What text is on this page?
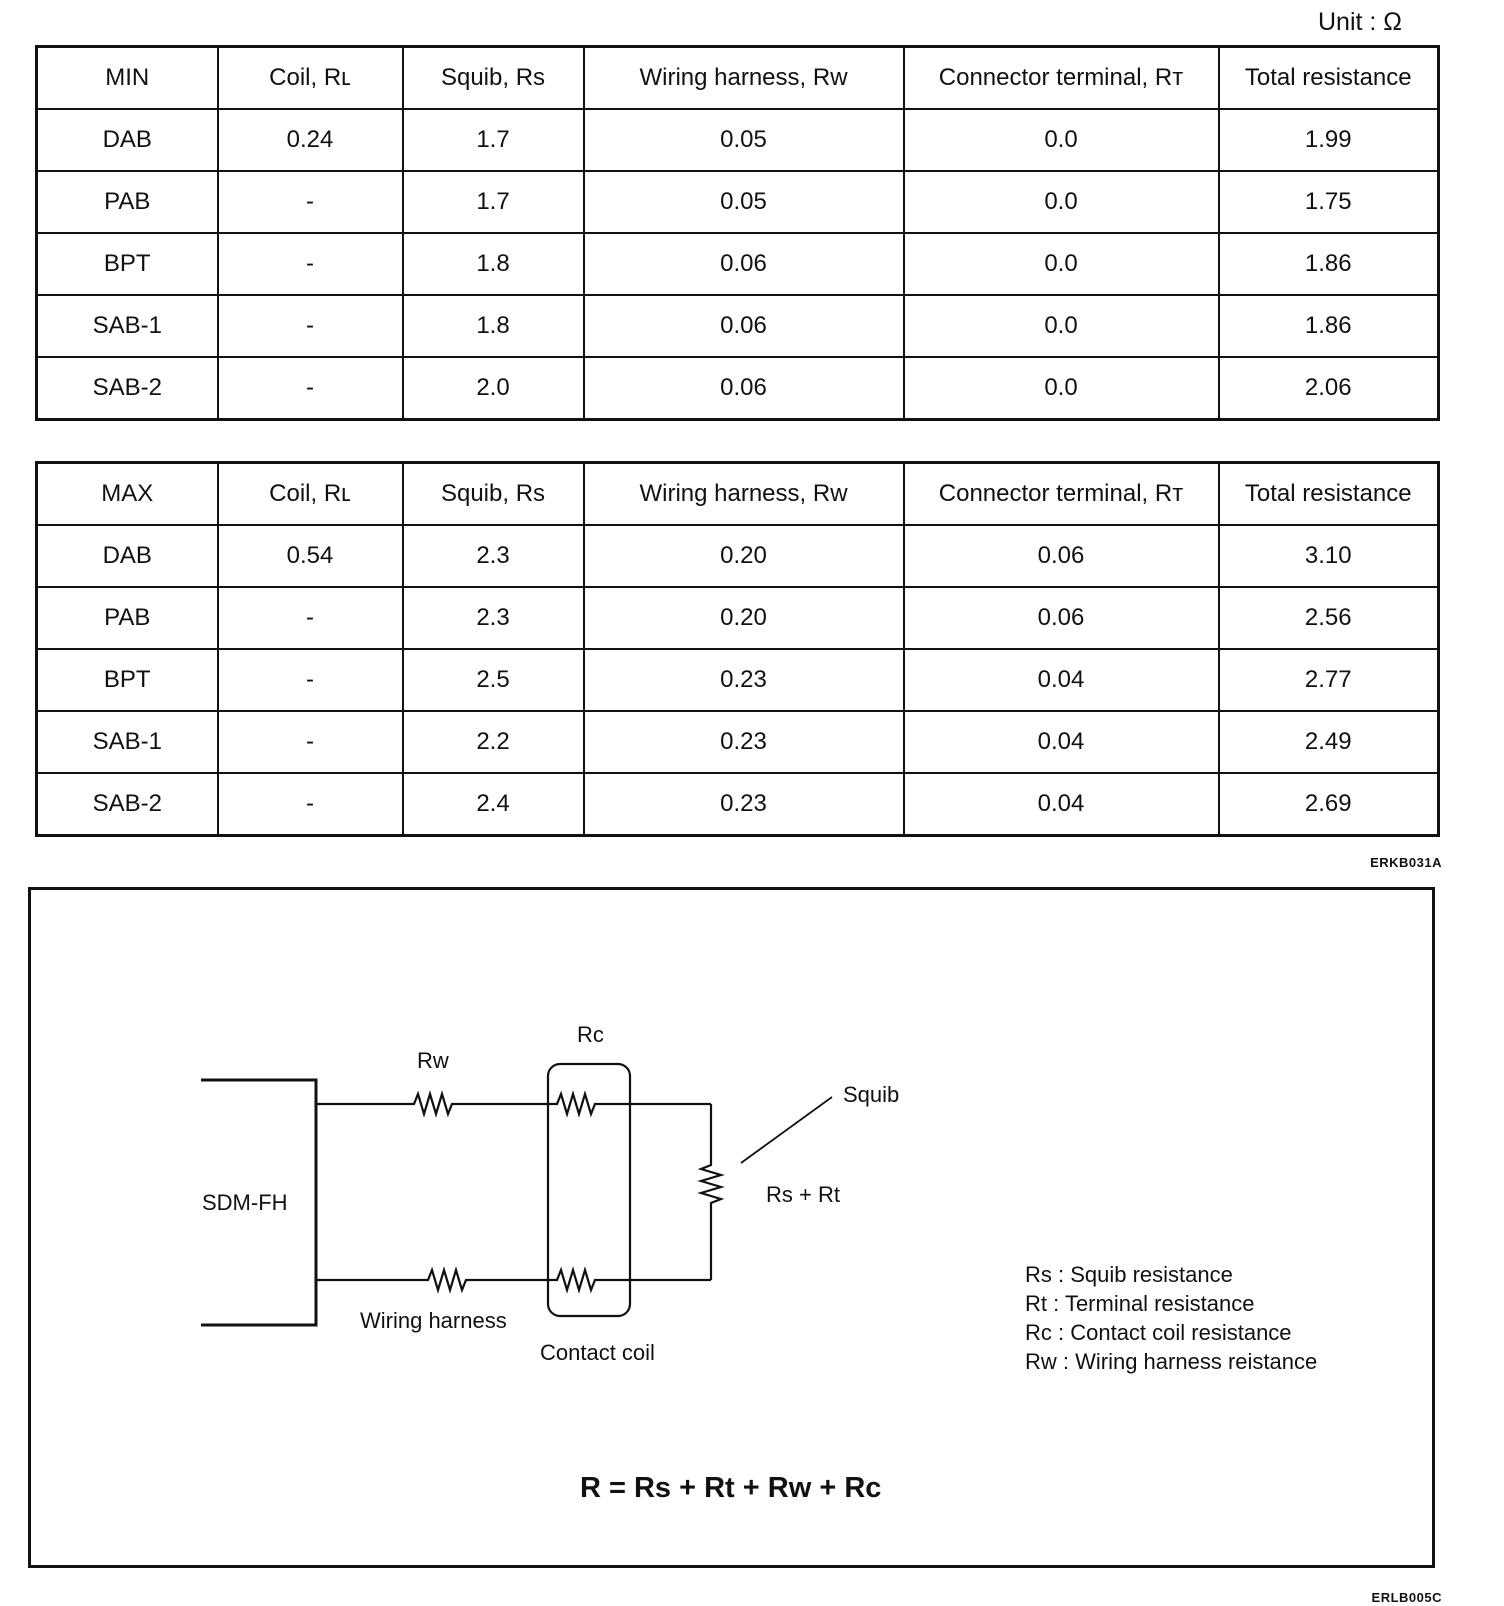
Unit : Ω
MIN	Coil, Rʟ	Squib, Rs	Wiring harness, Rw	Connector terminal, Rᴛ	Total resistance
DAB	0.24	1.7	0.05	0.0	1.99
PAB	-	1.7	0.05	0.0	1.75
BPT	-	1.8	0.06	0.0	1.86
SAB-1	-	1.8	0.06	0.0	1.86
SAB-2	-	2.0	0.06	0.0	2.06
MAX	Coil, Rʟ	Squib, Rs	Wiring harness, Rw	Connector terminal, Rᴛ	Total resistance
DAB	0.54	2.3	0.20	0.06	3.10
PAB	-	2.3	0.20	0.06	2.56
BPT	-	2.5	0.23	0.04	2.77
SAB-1	-	2.2	0.23	0.04	2.49
SAB-2	-	2.4	0.23	0.04	2.69
ERKB031A
SDM-FH
Rw
Rc
Squib
Rs + Rt
Wiring harness
Contact coil
Rs : Squib resistance
Rt : Terminal resistance
Rc : Contact coil resistance
Rw : Wiring harness reistance
R = Rs + Rt + Rw + Rc
ERLB005C
